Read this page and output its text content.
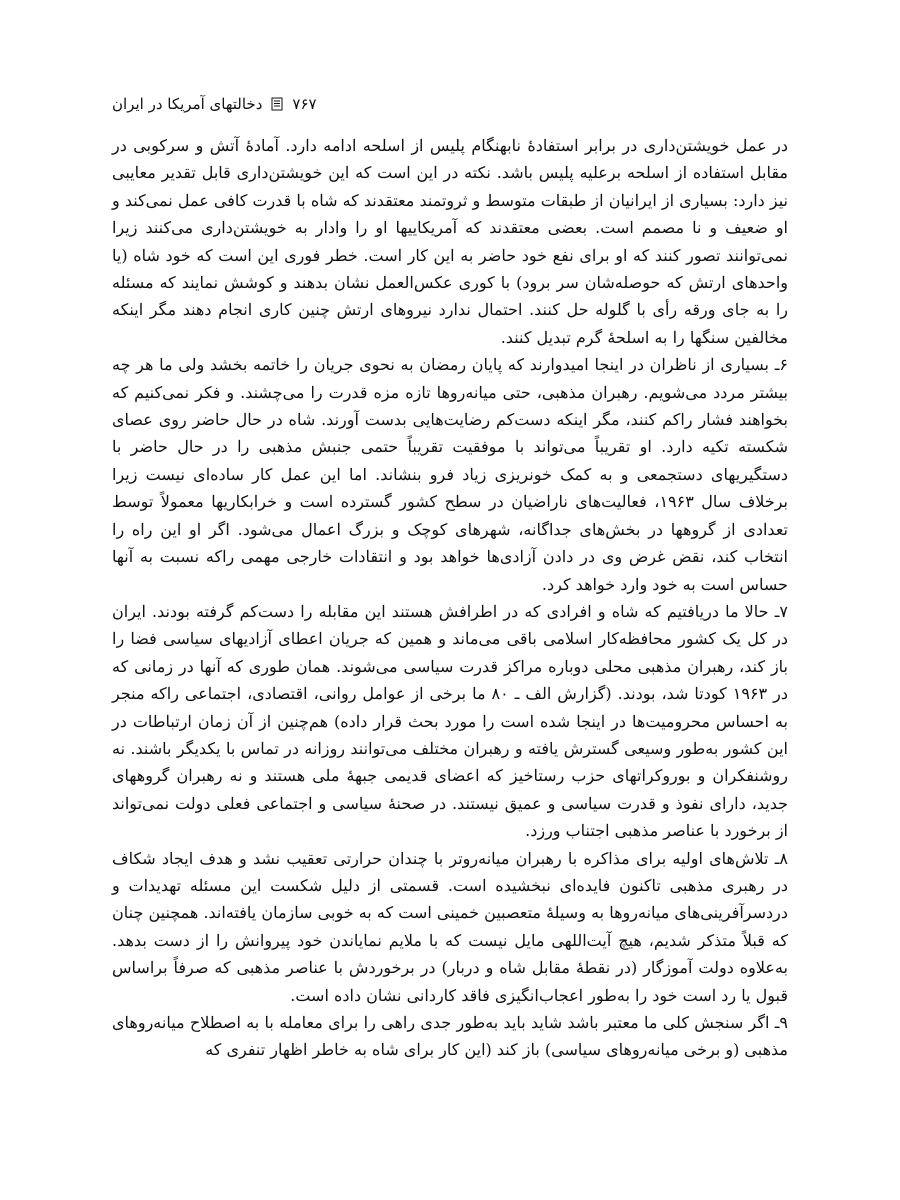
۷۶۷
دخالتهای آمریکا در ایران

در عمل خویشتن‌داری در برابر استفادهٔ نابهنگام پلیس از اسلحه ادامه دارد. آمادهٔ آتش و سرکوبی در مقابل استفاده از اسلحه برعلیه پلیس باشد. نکته در این است که این خویشتن‌داری قابل تقدیر معایبی نیز دارد: بسیاری از ایرانیان از طبقات متوسط و ثروتمند معتقدند که شاه با قدرت کافی عمل نمی‌کند و او ضعیف و نا مصمم است. بعضی معتقدند که آمریکاییها او را وادار به خویشتن‌داری می‌کنند زیرا نمی‌توانند تصور کنند که او برای نفع خود حاضر به این کار است. خطر فوری این است که خود شاه (یا واحدهای ارتش که حوصله‌شان سر برود) با کوری عکس‌العمل نشان بدهند و کوشش نمایند که مسئله را به جای ورقه رأی با گلوله حل کنند. احتمال ندارد نیروهای ارتش چنین کاری انجام دهند مگر اینکه مخالفین سنگها را به اسلحهٔ گرم تبدیل کنند.

۶ـ بسیاری از ناظران در اینجا امیدوارند که پایان رمضان به نحوی جریان را خاتمه بخشد ولی ما هر چه بیشتر مردد می‌شویم. رهبران مذهبی، حتی میانه‌روها تازه مزه قدرت را می‌چشند. و فکر نمی‌کنیم که بخواهند فشار راکم کنند، مگر اینکه دست‌کم رضایت‌هایی بدست آورند. شاه در حال حاضر روی عصای شکسته تکیه دارد. او تقریباً می‌تواند با موفقیت تقریباً حتمی جنبش مذهبی را در حال حاضر با دستگیریهای دستجمعی و به کمک خونریزی زیاد فرو بنشاند. اما این عمل کار ساده‌ای نیست زیرا برخلاف سال ۱۹۶۳، فعالیت‌های ناراضیان در سطح کشور گسترده است و خرابکاریها معمولاً توسط تعدادی از گروهها در بخش‌های جداگانه، شهرهای کوچک و بزرگ اعمال می‌شود. اگر او این راه را انتخاب کند، نقض غرض وی در دادن آزادی‌ها خواهد بود و انتقادات خارجی مهمی راکه نسبت به آنها حساس است به خود وارد خواهد کرد.

۷ـ حالا ما دریافتیم که شاه و افرادی که در اطرافش هستند این مقابله را دست‌کم گرفته بودند. ایران در کل یک کشور محافظه‌کار اسلامی باقی می‌ماند و همین که جریان اعطای آزادیهای سیاسی فضا را باز کند، رهبران مذهبی محلی دوباره مراکز قدرت سیاسی می‌شوند. همان طوری که آنها در زمانی که در ۱۹۶۳ کودتا شد، بودند. (گزارش الف ـ ۸۰ ما برخی از عوامل روانی، اقتصادی، اجتماعی راکه منجر به احساس محرومیت‌ها در اینجا شده است را مورد بحث قرار داده) هم‌چنین از آن زمان ارتباطات در این کشور به‌طور وسیعی گسترش یافته و رهبران مختلف می‌توانند روزانه در تماس با یکدیگر باشند. نه روشنفکران و بوروکراتهای حزب رستاخیز که اعضای قدیمی جبههٔ ملی هستند و نه رهبران گروههای جدید، دارای نفوذ و قدرت سیاسی و عمیق نیستند. در صحنهٔ سیاسی و اجتماعی فعلی دولت نمی‌تواند از برخورد با عناصر مذهبی اجتناب ورزد.

۸ـ تلاش‌های اولیه برای مذاکره با رهبران میانه‌روتر با چندان حرارتی تعقیب نشد و هدف ایجاد شکاف در رهبری مذهبی تاکنون فایده‌ای نبخشیده است. قسمتی از دلیل شکست این مسئله تهدیدات و دردسرآفرینی‌های میانه‌روها به وسیلهٔ متعصبین خمینی است که به خوبی سازمان یافته‌اند. همچنین چنان که قبلاً متذکر شدیم، هیچ آیت‌اللهی مایل نیست که با ملایم نمایاندن خود پیروانش را از دست بدهد. به‌علاوه دولت آموزگار (در نقطهٔ مقابل شاه و دربار) در برخوردش با عناصر مذهبی که صرفاً براساس قبول یا رد است خود را به‌طور اعجاب‌انگیزی فاقد کاردانی نشان داده است.

۹ـ اگر سنجش کلی ما معتبر باشد شاید باید به‌طور جدی راهی را برای معامله با به اصطلاح میانه‌روهای مذهبی (و برخی میانه‌روهای سیاسی) باز کند (این کار برای شاه به خاطر اظهار تنفری که
